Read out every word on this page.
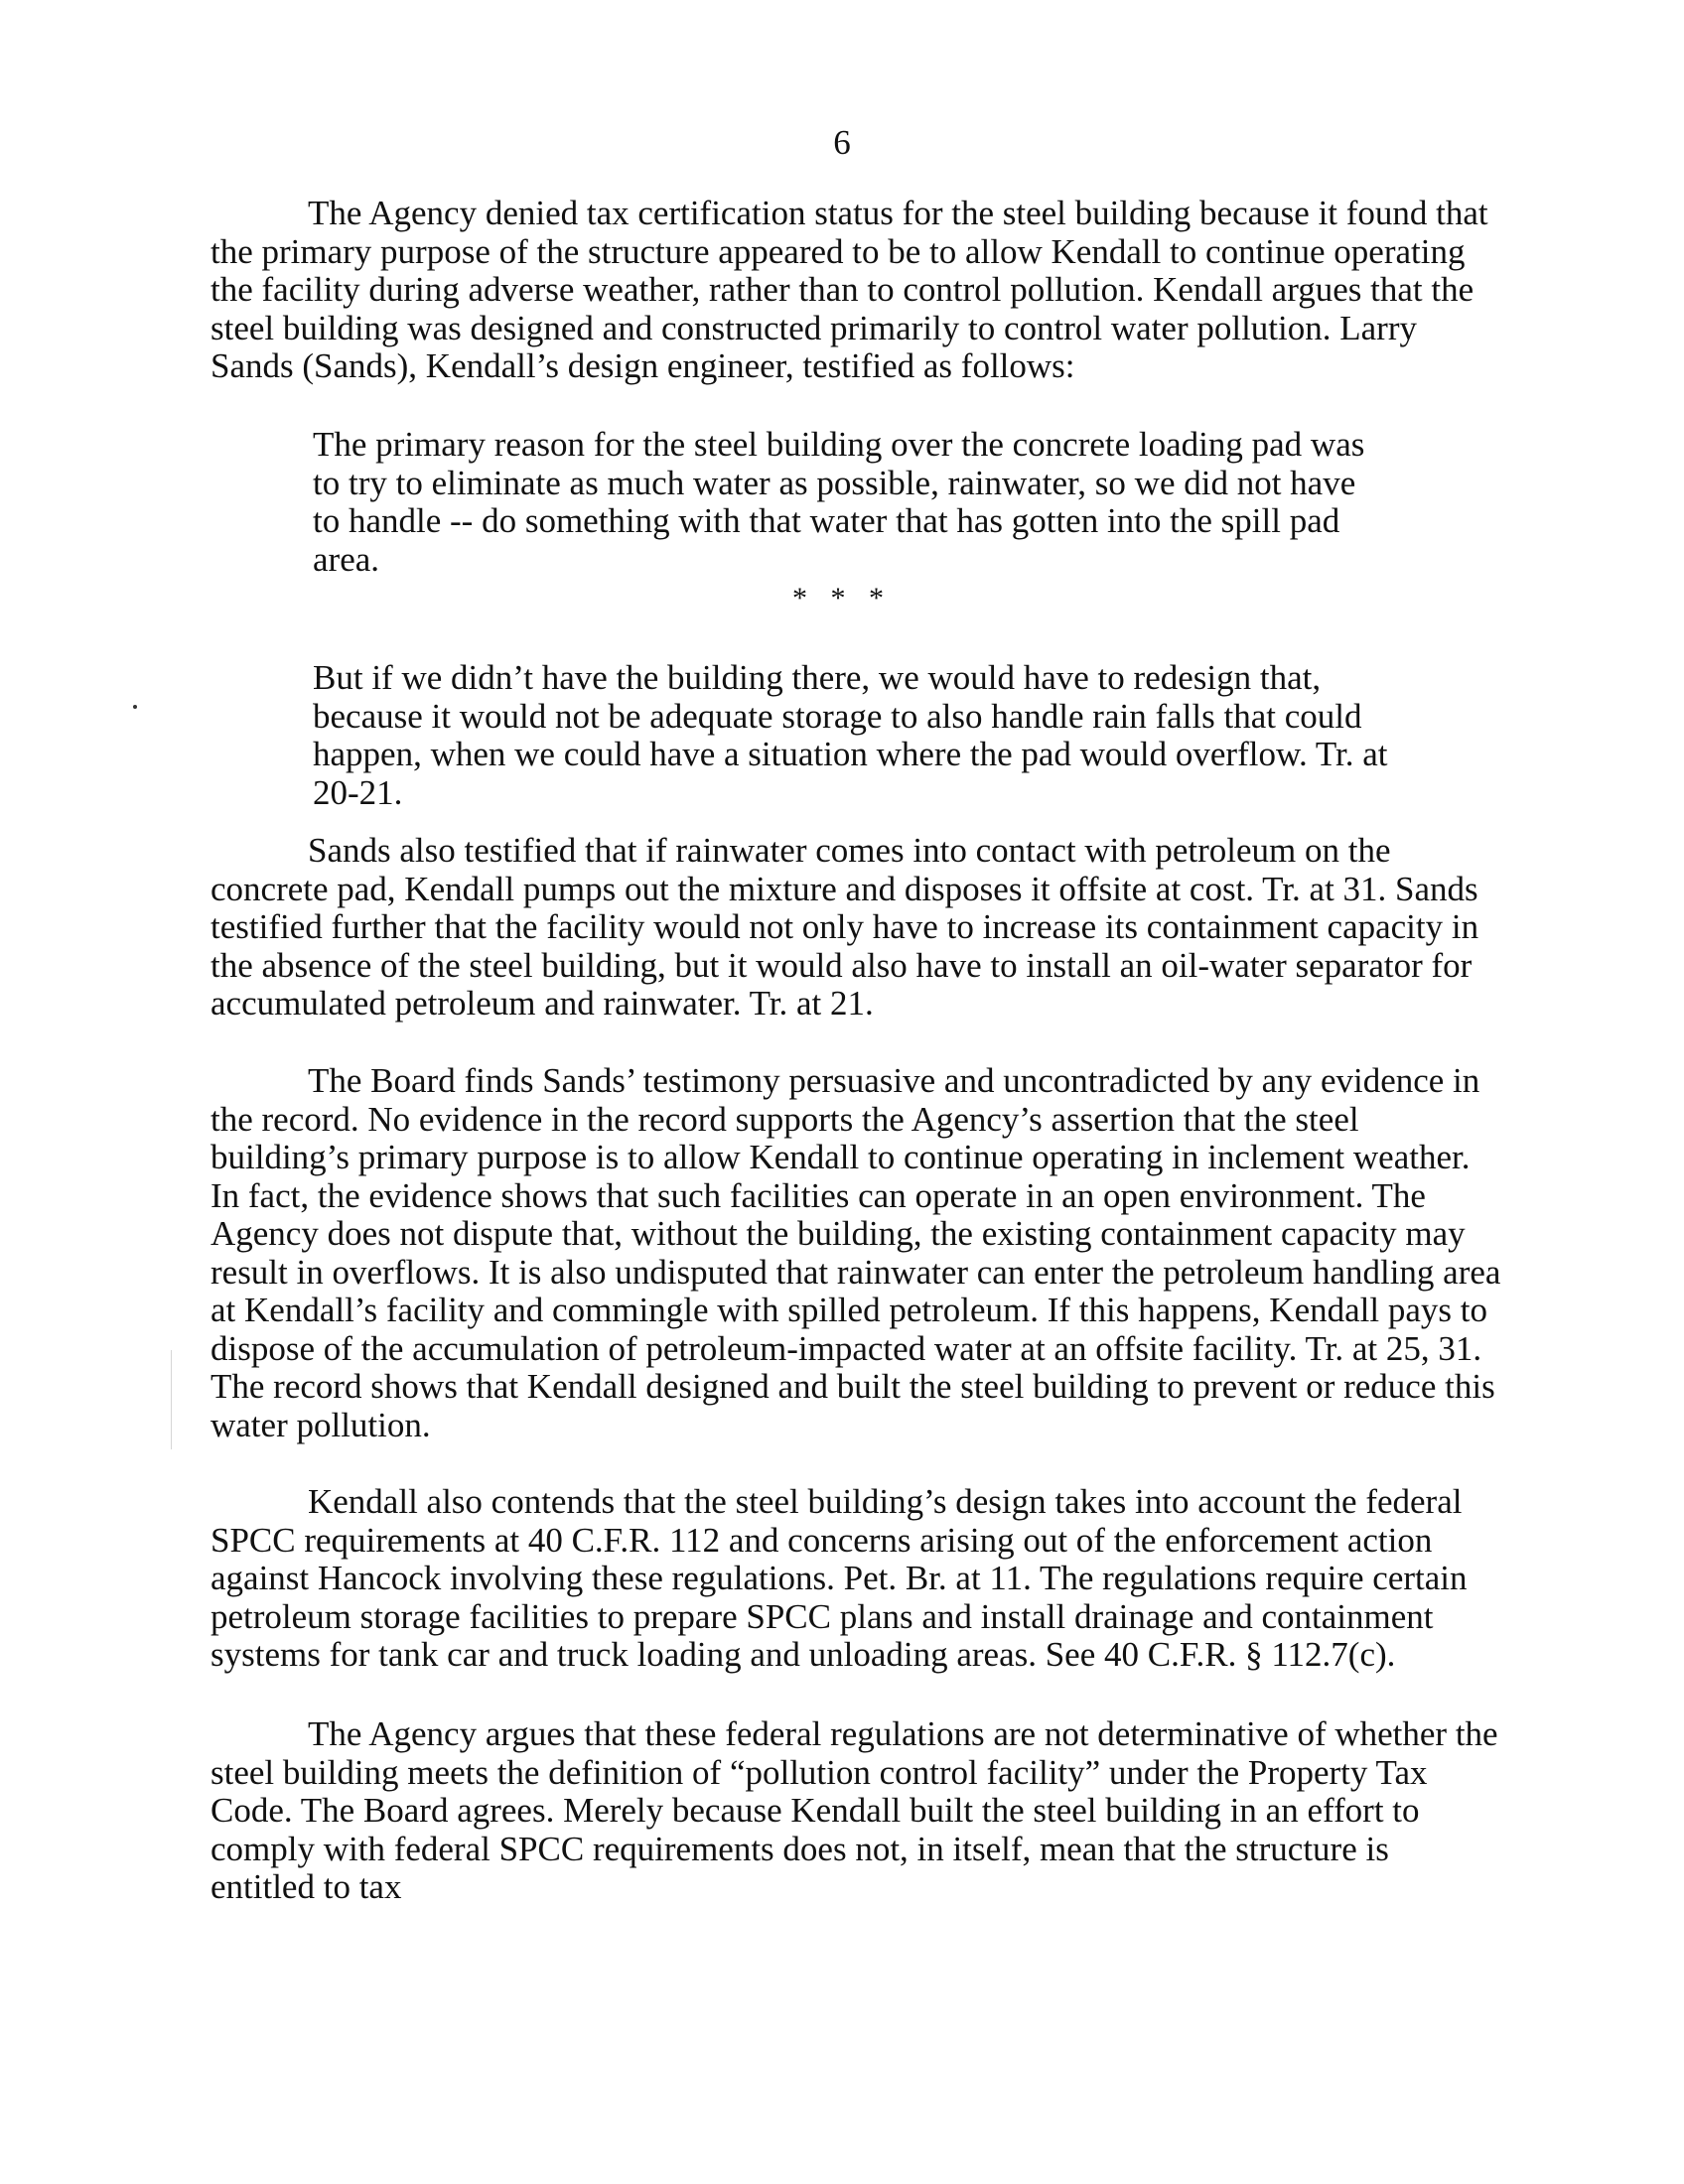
6
The Agency denied tax certification status for the steel building because it found that the primary purpose of the structure appeared to be to allow Kendall to continue operating the facility during adverse weather, rather than to control pollution. Kendall argues that the steel building was designed and constructed primarily to control water pollution. Larry Sands (Sands), Kendall’s design engineer, testified as follows:
The primary reason for the steel building over the concrete loading pad was to try to eliminate as much water as possible, rainwater, so we did not have to handle -- do something with that water that has gotten into the spill pad area.
* * *
But if we didn’t have the building there, we would have to redesign that, because it would not be adequate storage to also handle rain falls that could happen, when we could have a situation where the pad would overflow. Tr. at 20-21.
Sands also testified that if rainwater comes into contact with petroleum on the concrete pad, Kendall pumps out the mixture and disposes it offsite at cost. Tr. at 31. Sands testified further that the facility would not only have to increase its containment capacity in the absence of the steel building, but it would also have to install an oil-water separator for accumulated petroleum and rainwater. Tr. at 21.
The Board finds Sands’ testimony persuasive and uncontradicted by any evidence in the record. No evidence in the record supports the Agency’s assertion that the steel building’s primary purpose is to allow Kendall to continue operating in inclement weather. In fact, the evidence shows that such facilities can operate in an open environment. The Agency does not dispute that, without the building, the existing containment capacity may result in overflows. It is also undisputed that rainwater can enter the petroleum handling area at Kendall’s facility and commingle with spilled petroleum. If this happens, Kendall pays to dispose of the accumulation of petroleum-impacted water at an offsite facility. Tr. at 25, 31. The record shows that Kendall designed and built the steel building to prevent or reduce this water pollution.
Kendall also contends that the steel building’s design takes into account the federal SPCC requirements at 40 C.F.R. 112 and concerns arising out of the enforcement action against Hancock involving these regulations. Pet. Br. at 11. The regulations require certain petroleum storage facilities to prepare SPCC plans and install drainage and containment systems for tank car and truck loading and unloading areas. See 40 C.F.R. § 112.7(c).
The Agency argues that these federal regulations are not determinative of whether the steel building meets the definition of “pollution control facility” under the Property Tax Code. The Board agrees. Merely because Kendall built the steel building in an effort to comply with federal SPCC requirements does not, in itself, mean that the structure is entitled to tax
